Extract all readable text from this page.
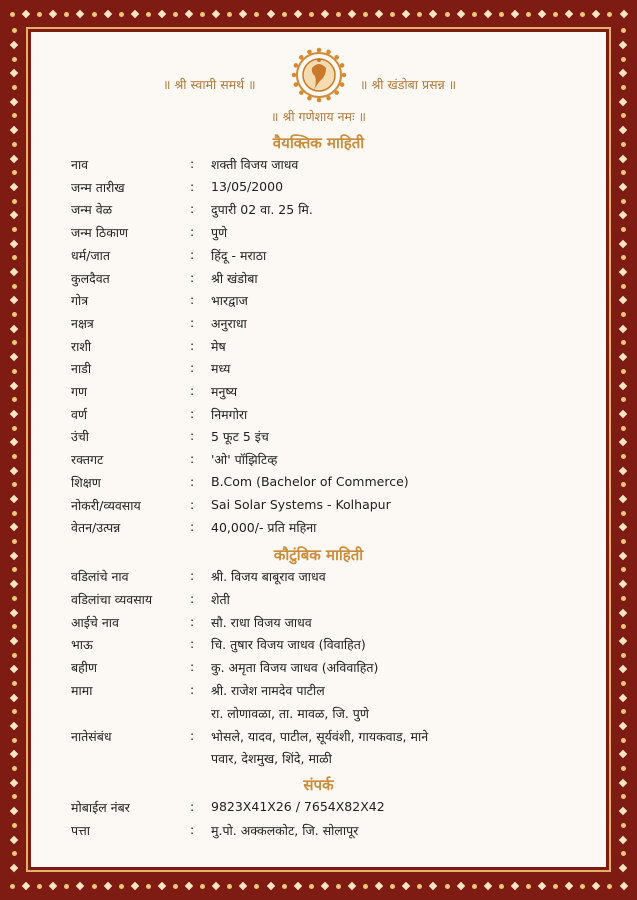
॥ श्री स्वामी समर्थ ॥	॥ श्री खंडोबा प्रसन्न ॥
॥ श्री गणेशाय नमः ॥
वैयक्तिक माहिती
नाव	: शक्ती विजय जाधव
जन्म तारीख	: 13/05/2000
जन्म वेळ	: दुपारी 02 वा. 25 मि.
जन्म ठिकाण	: पुणे
धर्म/जात	: हिंदू - मराठा
कुलदैवत	: श्री खंडोबा
गोत्र	: भारद्वाज
नक्षत्र	: अनुराधा
राशी	: मेष
नाडी	: मध्य
गण	: मनुष्य
वर्ण	: निमगोरा
उंची	: 5 फूट 5 इंच
रक्तगट	: 'ओ' पॉझिटिव्ह
शिक्षण	: B.Com (Bachelor of Commerce)
नोकरी/व्यवसाय	: Sai Solar Systems - Kolhapur
वेतन/उत्पन्न	: 40,000/- प्रति महिना
कौटुंबिक माहिती
वडिलांचे नाव	: श्री. विजय बाबूराव जाधव
वडिलांचा व्यवसाय	: शेती
आईचे नाव	: सौ. राधा विजय जाधव
भाऊ	: चि. तुषार विजय जाधव (विवाहित)
बहीण	: कु. अमृता विजय जाधव (अविवाहित)
मामा	: श्री. राजेश नामदेव पाटील
रा. लोणावळा, ता. मावळ, जि. पुणे
नातेसंबंध	: भोसले, यादव, पाटील, सूर्यवंशी, गायकवाड, माने
पवार, देशमुख, शिंदे, माळी
संपर्क
मोबाईल नंबर	: 9823X41X26 / 7654X82X42
पत्ता	: मु.पो. अक्कलकोट, जि. सोलापूर
